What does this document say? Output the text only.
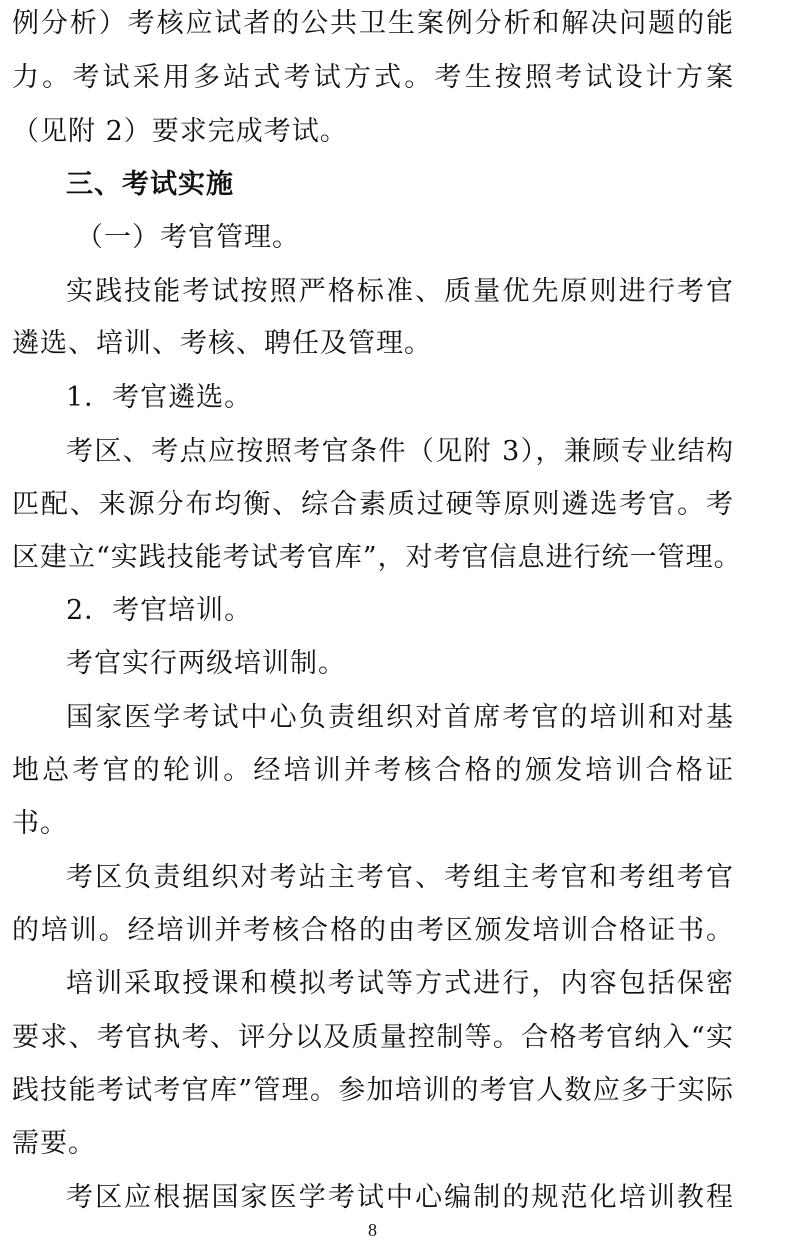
例分析）考核应试者的公共卫生案例分析和解决问题的能
力。考试采用多站式考试方式。考生按照考试设计方案
（见附 2）要求完成考试。
三、考试实施
（一）考官管理。
实践技能考试按照严格标准、质量优先原则进行考官
遴选、培训、考核、聘任及管理。
1．考官遴选。
考区、考点应按照考官条件（见附 3），兼顾专业结构
匹配、来源分布均衡、综合素质过硬等原则遴选考官。考
区建立“实践技能考试考官库”，对考官信息进行统一管理。
2．考官培训。
考官实行两级培训制。
国家医学考试中心负责组织对首席考官的培训和对基
地总考官的轮训。经培训并考核合格的颁发培训合格证
书。
考区负责组织对考站主考官、考组主考官和考组考官
的培训。经培训并考核合格的由考区颁发培训合格证书。
培训采取授课和模拟考试等方式进行，内容包括保密
要求、考官执考、评分以及质量控制等。合格考官纳入“实
践技能考试考官库”管理。参加培训的考官人数应多于实际
需要。
考区应根据国家医学考试中心编制的规范化培训教程
8
